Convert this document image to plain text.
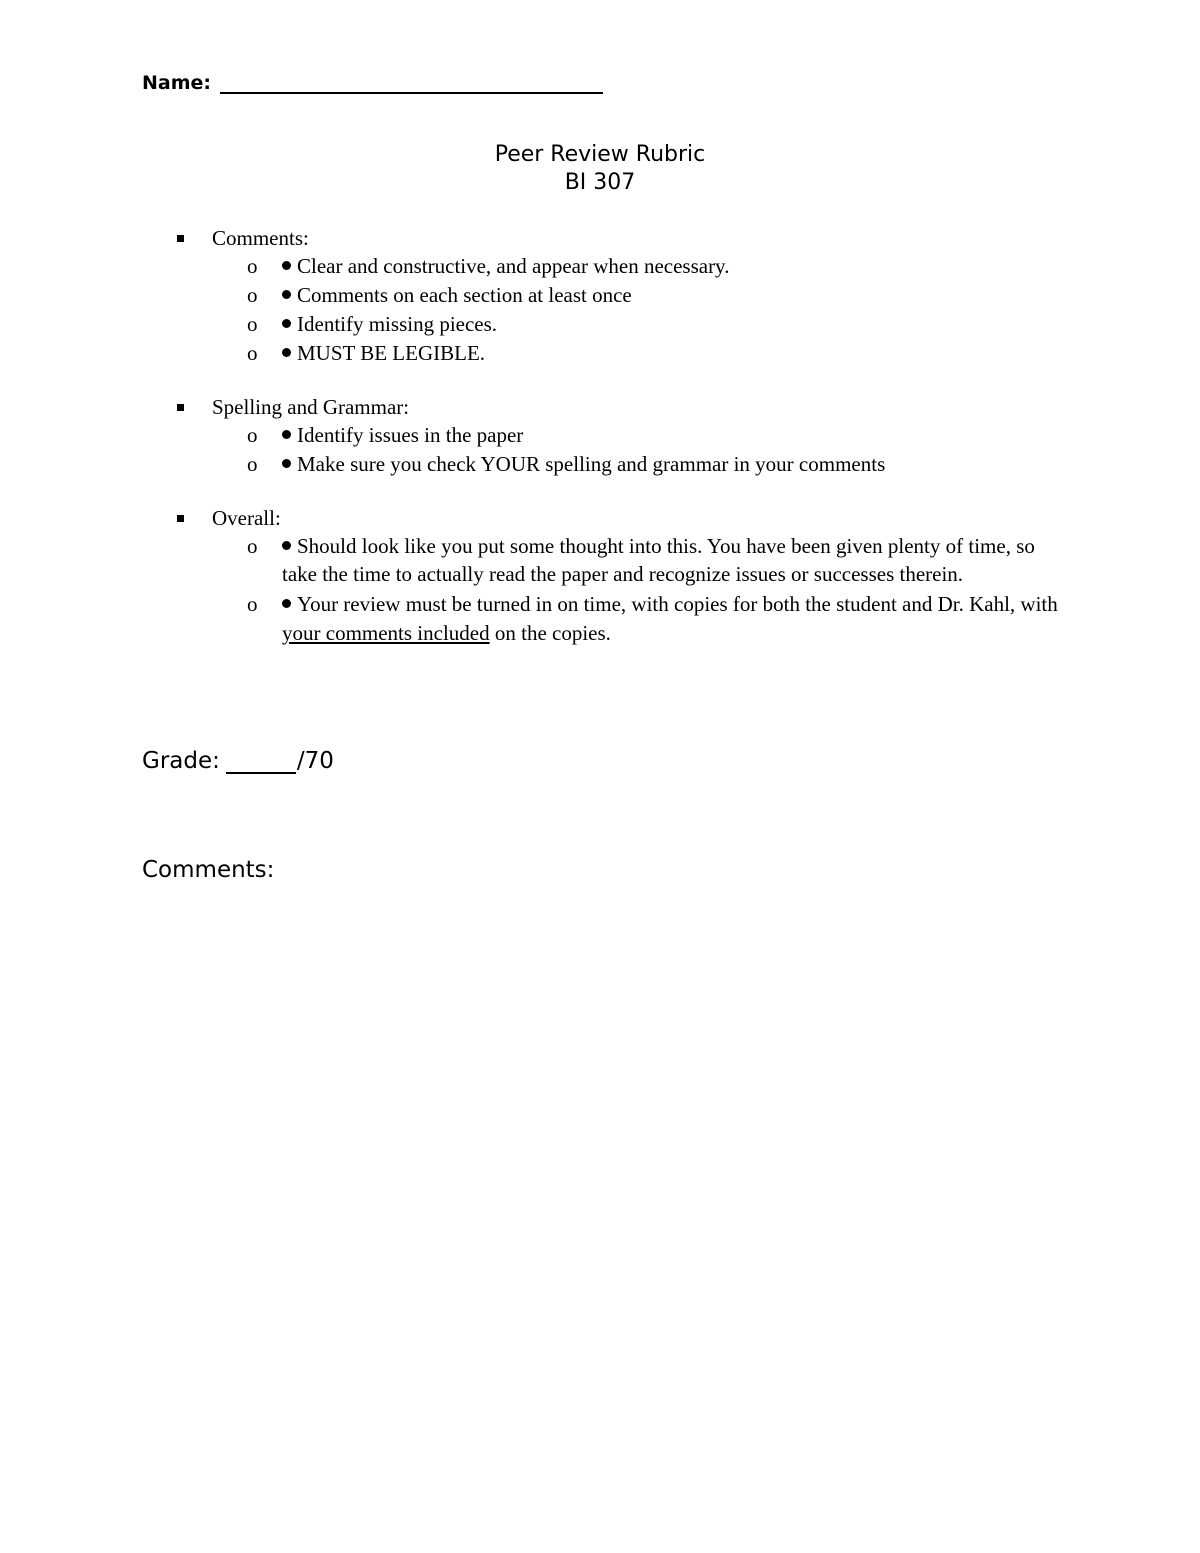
Name:
Peer Review Rubric
BI 307
Comments:
o Clear and constructive, and appear when necessary.
o Comments on each section at least once
o Identify missing pieces.
o MUST BE LEGIBLE.
Spelling and Grammar:
o Identify issues in the paper
o Make sure you check YOUR spelling and grammar in your comments
Overall:
o Should look like you put some thought into this. You have been given plenty of time, so take the time to actually read the paper and recognize issues or successes therein.
o Your review must be turned in on time, with copies for both the student and Dr. Kahl, with your comments included on the copies.
Grade:	/70
Comments:
